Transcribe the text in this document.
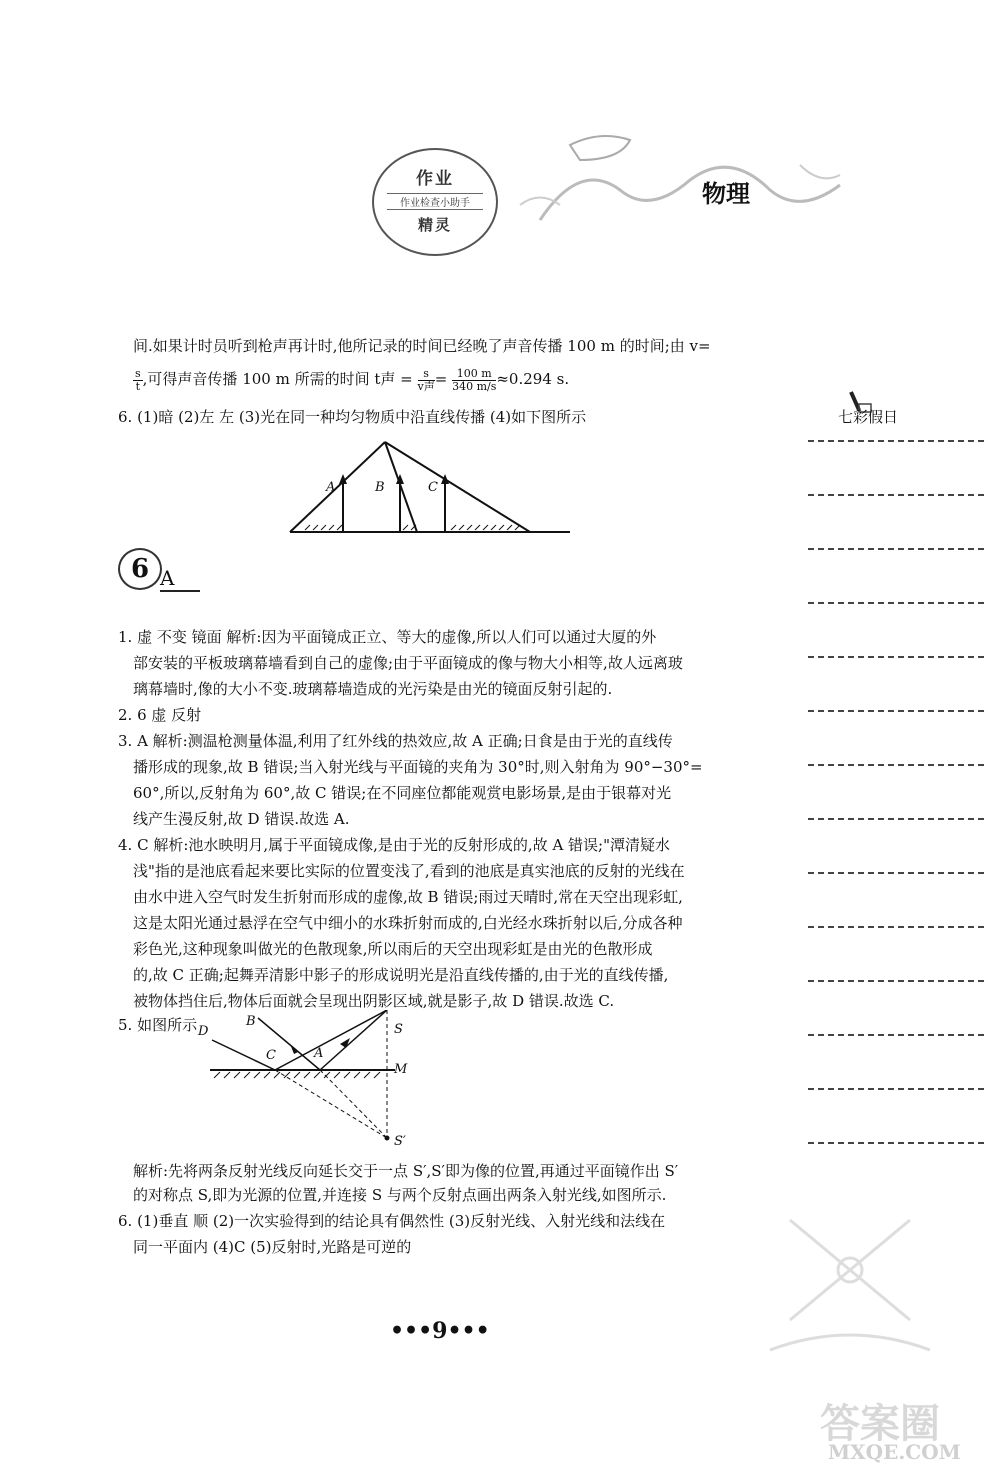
作业
作业检查小助手
精灵
物理
七彩假日
间.如果计时员听到枪声再计时,他所记录的时间已经晚了声音传播 100 m 的时间;由 v=
$\frac{s}{t}$ ,可得声音传播 100 m 所需的时间 t声 = $\frac{s}{\text{v声}} = \frac{100 m}{340 m/s} \approx 0.294$ s.
6. (1)暗 (2)左 左 (3)光在同一种均匀物质中沿直线传播 (4)如下图所示
A	B	C
6 A
1. 虚 不变 镜面 解析:因为平面镜成正立、等大的虚像,所以人们可以通过大厦的外
部安装的平板玻璃幕墙看到自己的虚像;由于平面镜成的像与物大小相等,故人远离玻
璃幕墙时,像的大小不变.玻璃幕墙造成的光污染是由光的镜面反射引起的.
2. 6 虚 反射
3. A 解析:测温枪测量体温,利用了红外线的热效应,故 A 正确;日食是由于光的直线传
播形成的现象,故 B 错误;当入射光线与平面镜的夹角为 30°时,则入射角为 90°−30°=
60°,所以,反射角为 60°,故 C 错误;在不同座位都能观赏电影场景,是由于银幕对光
线产生漫反射,故 D 错误.故选 A.
4. C 解析:池水映明月,属于平面镜成像,是由于光的反射形成的,故 A 错误;"潭清疑水
浅"指的是池底看起来要比实际的位置变浅了,看到的池底是真实池底的反射的光线在
由水中进入空气时发生折射而形成的虚像,故 B 错误;雨过天晴时,常在天空出现彩虹,
这是太阳光通过悬浮在空气中细小的水珠折射而成的,白光经水珠折射以后,分成各种
彩色光,这种现象叫做光的色散现象,所以雨后的天空出现彩虹是由光的色散形成
的,故 C 正确;起舞弄清影中影子的形成说明光是沿直线传播的,由于光的直线传播,
被物体挡住后,物体后面就会呈现出阴影区域,就是影子,故 D 错误.故选 C.
5. 如图所示	B
S
D
C	A
M
S′
解析:先将两条反射光线反向延长交于一点 S′,S′即为像的位置,再通过平面镜作出 S′
的对称点 S,即为光源的位置,并连接 S 与两个反射点画出两条入射光线,如图所示.
6. (1)垂直 顺 (2)一次实验得到的结论具有偶然性 (3)反射光线、入射光线和法线在
同一平面内 (4)C (5)反射时,光路是可逆的
•••9•••
答案圈
MXQE.COM
